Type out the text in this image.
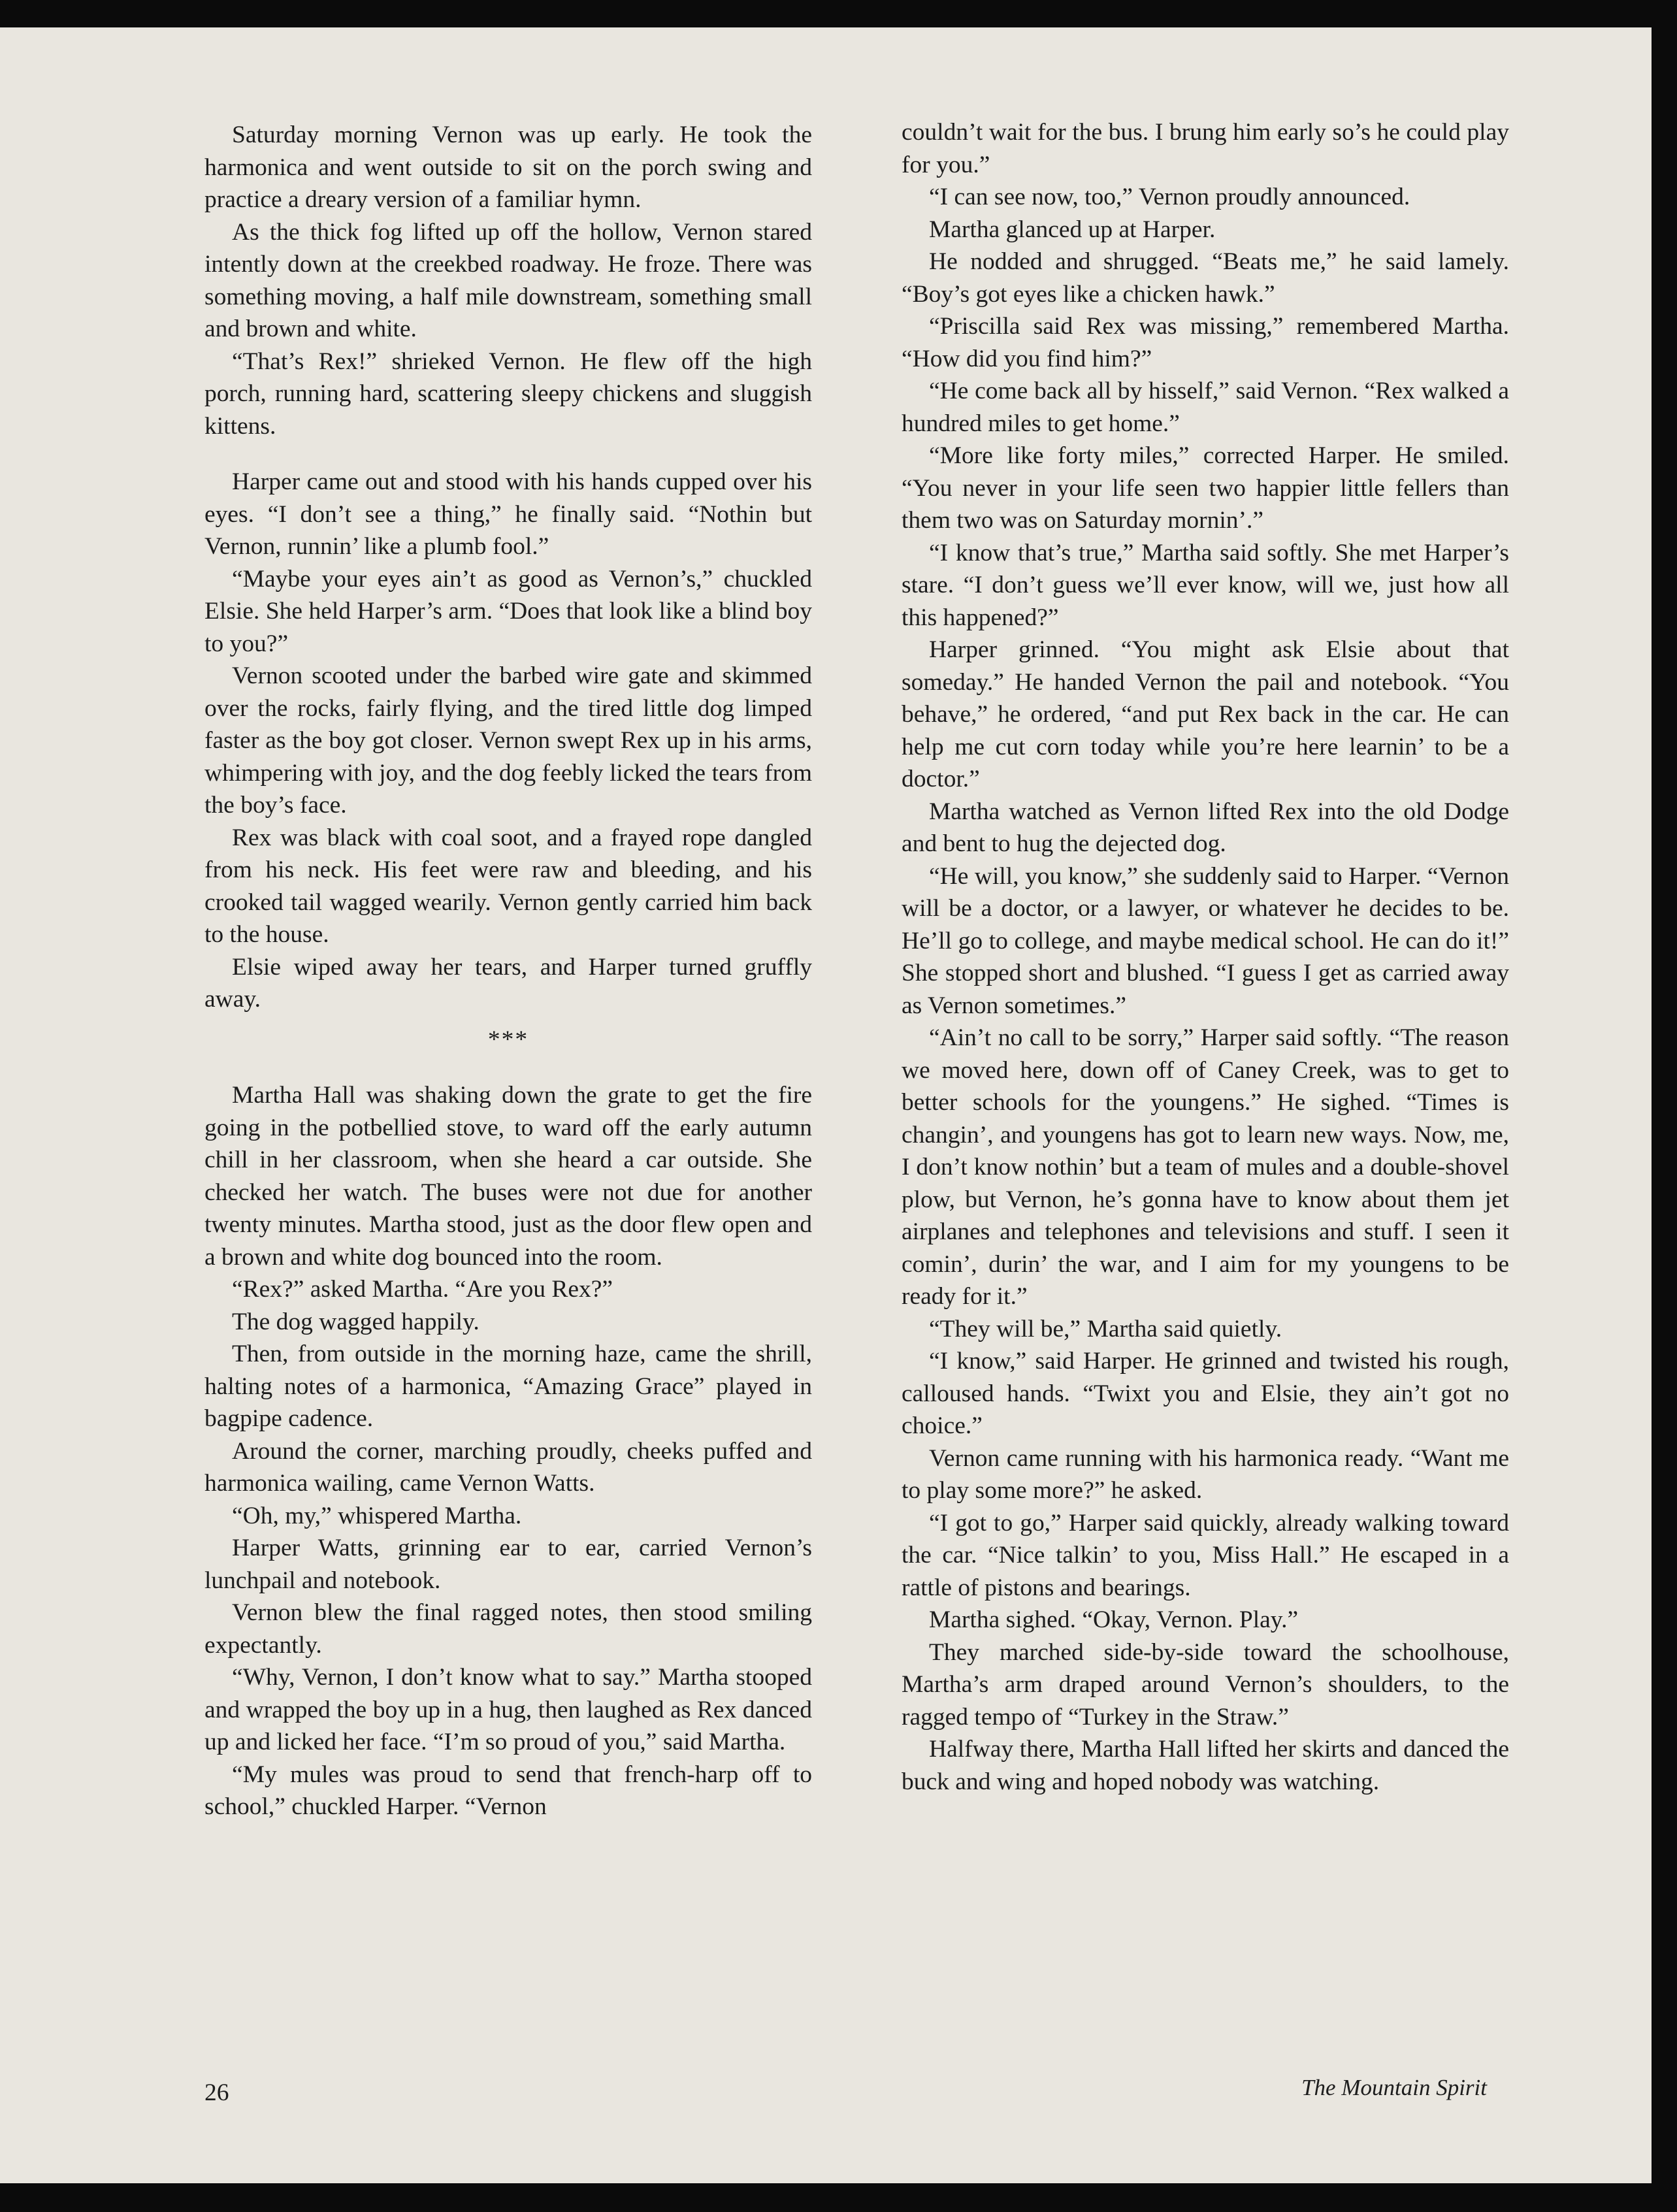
Saturday morning Vernon was up early. He took the harmonica and went outside to sit on the porch swing and practice a dreary version of a familiar hymn.

As the thick fog lifted up off the hollow, Vernon stared intently down at the creekbed roadway. He froze. There was something moving, a half mile downstream, something small and brown and white.

“That’s Rex!” shrieked Vernon. He flew off the high porch, running hard, scattering sleepy chickens and sluggish kittens.

Harper came out and stood with his hands cupped over his eyes. “I don’t see a thing,” he finally said. “Nothin but Vernon, runnin’ like a plumb fool.”

“Maybe your eyes ain’t as good as Vernon’s,” chuckled Elsie. She held Harper’s arm. “Does that look like a blind boy to you?”

Vernon scooted under the barbed wire gate and skimmed over the rocks, fairly flying, and the tired little dog limped faster as the boy got closer. Vernon swept Rex up in his arms, whimpering with joy, and the dog feebly licked the tears from the boy’s face.

Rex was black with coal soot, and a frayed rope dangled from his neck. His feet were raw and bleeding, and his crooked tail wagged wearily. Vernon gently carried him back to the house.

Elsie wiped away her tears, and Harper turned gruffly away.

***

Martha Hall was shaking down the grate to get the fire going in the potbellied stove, to ward off the early autumn chill in her classroom, when she heard a car outside. She checked her watch. The buses were not due for another twenty minutes. Martha stood, just as the door flew open and a brown and white dog bounced into the room.

“Rex?” asked Martha. “Are you Rex?”

The dog wagged happily.

Then, from outside in the morning haze, came the shrill, halting notes of a harmonica, “Amazing Grace” played in bagpipe cadence.

Around the corner, marching proudly, cheeks puffed and harmonica wailing, came Vernon Watts.

“Oh, my,” whispered Martha.

Harper Watts, grinning ear to ear, carried Vernon’s lunchpail and notebook.

Vernon blew the final ragged notes, then stood smiling expectantly.

“Why, Vernon, I don’t know what to say.” Martha stooped and wrapped the boy up in a hug, then laughed as Rex danced up and licked her face. “I’m so proud of you,” said Martha.

“My mules was proud to send that french-harp off to school,” chuckled Harper. “Vernon

couldn’t wait for the bus. I brung him early so’s he could play for you.”

“I can see now, too,” Vernon proudly announced.

Martha glanced up at Harper.

He nodded and shrugged. “Beats me,” he said lamely. “Boy’s got eyes like a chicken hawk.”

“Priscilla said Rex was missing,” remembered Martha. “How did you find him?”

“He come back all by hisself,” said Vernon. “Rex walked a hundred miles to get home.”

“More like forty miles,” corrected Harper. He smiled. “You never in your life seen two happier little fellers than them two was on Saturday mornin’.”

“I know that’s true,” Martha said softly. She met Harper’s stare. “I don’t guess we’ll ever know, will we, just how all this happened?”

Harper grinned. “You might ask Elsie about that someday.” He handed Vernon the pail and notebook. “You behave,” he ordered, “and put Rex back in the car. He can help me cut corn today while you’re here learnin’ to be a doctor.”

Martha watched as Vernon lifted Rex into the old Dodge and bent to hug the dejected dog.

“He will, you know,” she suddenly said to Harper. “Vernon will be a doctor, or a lawyer, or whatever he decides to be. He’ll go to college, and maybe medical school. He can do it!” She stopped short and blushed. “I guess I get as carried away as Vernon sometimes.”

“Ain’t no call to be sorry,” Harper said softly. “The reason we moved here, down off of Caney Creek, was to get to better schools for the youngens.” He sighed. “Times is changin’, and youngens has got to learn new ways. Now, me, I don’t know nothin’ but a team of mules and a double-shovel plow, but Vernon, he’s gonna have to know about them jet airplanes and telephones and televisions and stuff. I seen it comin’, durin’ the war, and I aim for my youngens to be ready for it.”

“They will be,” Martha said quietly.

“I know,” said Harper. He grinned and twisted his rough, calloused hands. “Twixt you and Elsie, they ain’t got no choice.”

Vernon came running with his harmonica ready. “Want me to play some more?” he asked.

“I got to go,” Harper said quickly, already walking toward the car. “Nice talkin’ to you, Miss Hall.” He escaped in a rattle of pistons and bearings.

Martha sighed. “Okay, Vernon. Play.”

They marched side-by-side toward the schoolhouse, Martha’s arm draped around Vernon’s shoulders, to the ragged tempo of “Turkey in the Straw.”

Halfway there, Martha Hall lifted her skirts and danced the buck and wing and hoped nobody was watching.

26	The Mountain Spirit
